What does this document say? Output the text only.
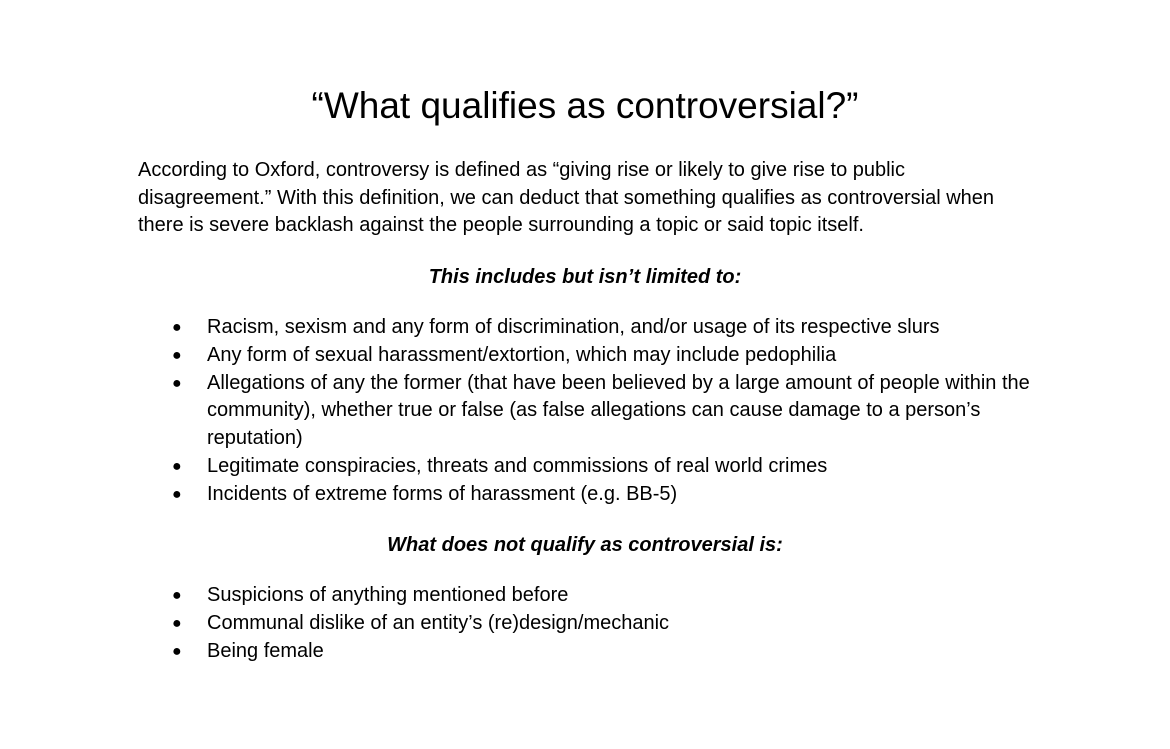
“What qualifies as controversial?”

According to Oxford, controversy is defined as “giving rise or likely to give rise to public disagreement.” With this definition, we can deduct that something qualifies as controversial when there is severe backlash against the people surrounding a topic or said topic itself.

This includes but isn’t limited to:

● Racism, sexism and any form of discrimination, and/or usage of its respective slurs
● Any form of sexual harassment/extortion, which may include pedophilia
● Allegations of any the former (that have been believed by a large amount of people within the community), whether true or false (as false allegations can cause damage to a person’s reputation)
● Legitimate conspiracies, threats and commissions of real world crimes
● Incidents of extreme forms of harassment (e.g. BB-5)

What does not qualify as controversial is:

● Suspicions of anything mentioned before
● Communal dislike of an entity’s (re)design/mechanic
● Being female
